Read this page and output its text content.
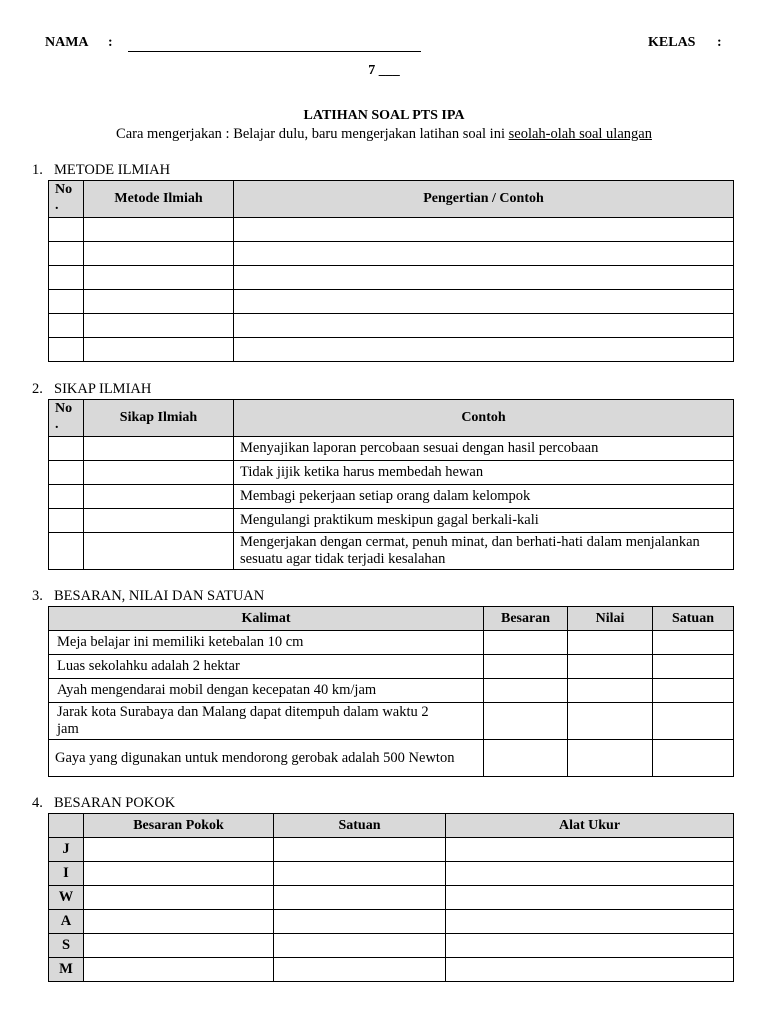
NAMA :	KELAS :
7 ___
LATIHAN SOAL PTS IPA
Cara mengerjakan : Belajar dulu, baru mengerjakan latihan soal ini seolah-olah soal ulangan
1. METODE ILMIAH
No
.	Metode Ilmiah	Pengertian / Contoh

2. SIKAP ILMIAH
No
.	Sikap Ilmiah	Contoh
		Menyajikan laporan percobaan sesuai dengan hasil percobaan
		Tidak jijik ketika harus membedah hewan
		Membagi pekerjaan setiap orang dalam kelompok
		Mengulangi praktikum meskipun gagal berkali-kali
		Mengerjakan dengan cermat, penuh minat, dan berhati-hati dalam menjalankan sesuatu agar tidak terjadi kesalahan
3. BESARAN, NILAI DAN SATUAN
Kalimat	Besaran	Nilai	Satuan
Meja belajar ini memiliki ketebalan 10 cm			
Luas sekolahku adalah 2 hektar			
Ayah mengendarai mobil dengan kecepatan 40 km/jam			
Jarak kota Surabaya dan Malang dapat ditempuh dalam waktu 2 jam			
Gaya yang digunakan untuk mendorong gerobak adalah 500 Newton			
4. BESARAN POKOK
	Besaran Pokok	Satuan	Alat Ukur
J			
I			
W			
A			
S			
M			
